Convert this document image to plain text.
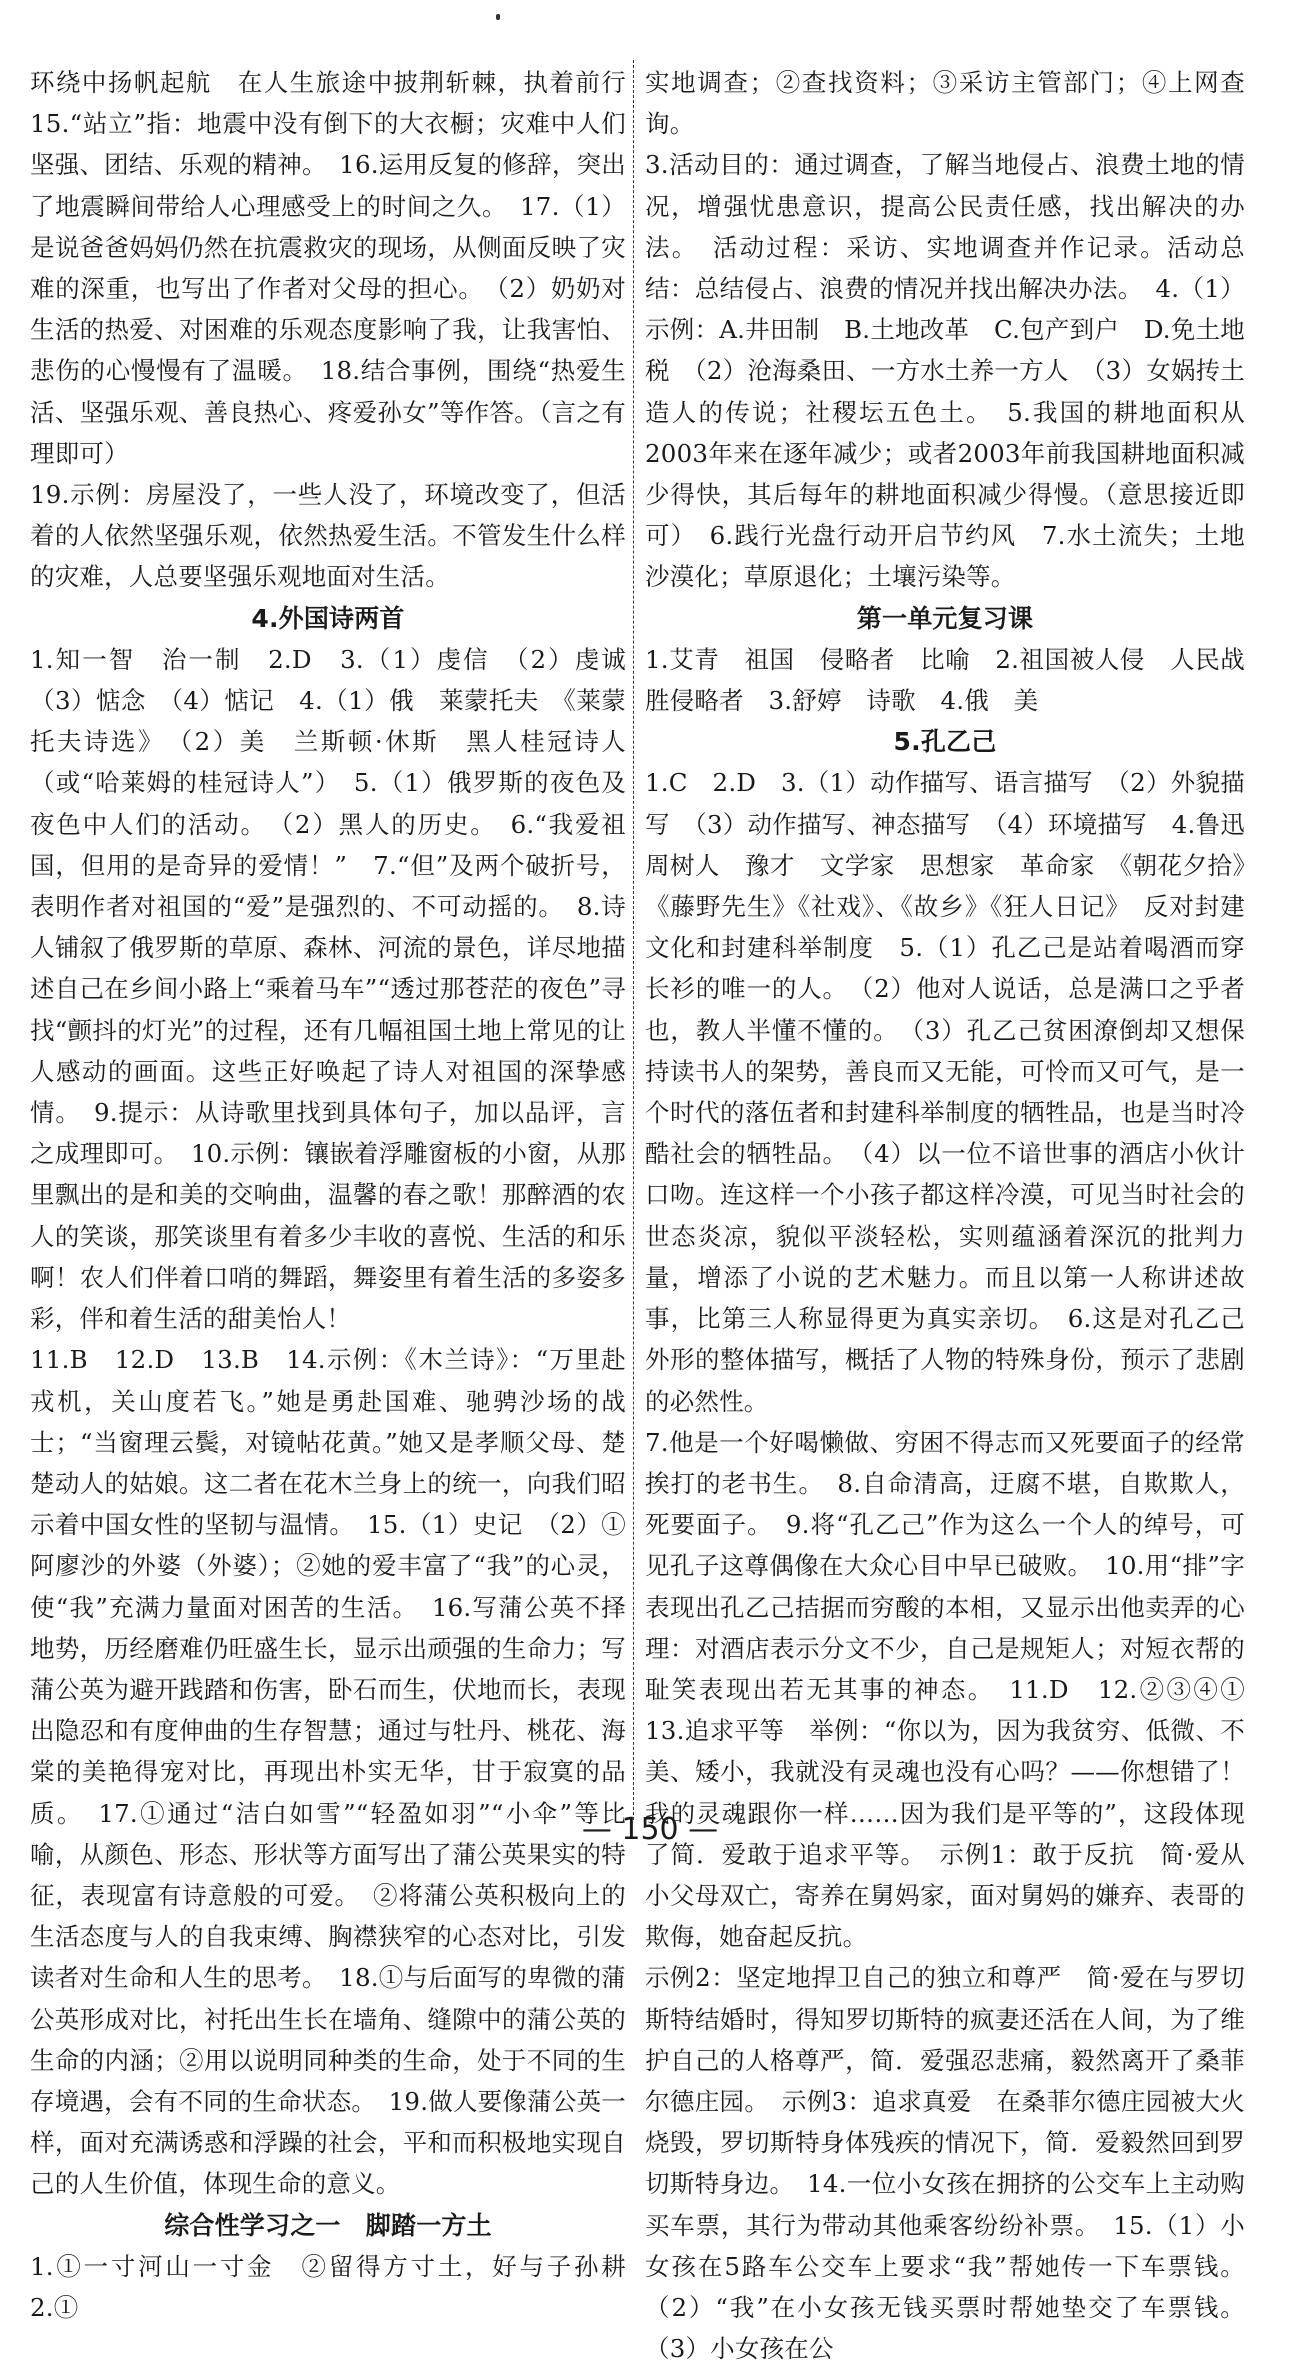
环绕中扬帆起航　在人生旅途中披荆斩棘，执着前行　15.“站立”指：地震中没有倒下的大衣橱；灾难中人们坚强、团结、乐观的精神。　16.运用反复的修辞，突出了地震瞬间带给人心理感受上的时间之久。　17.（1）是说爸爸妈妈仍然在抗震救灾的现场，从侧面反映了灾难的深重，也写出了作者对父母的担心。　（2）奶奶对生活的热爱、对困难的乐观态度影响了我，让我害怕、悲伤的心慢慢有了温暖。　18.结合事例，围绕“热爱生活、坚强乐观、善良热心、疼爱孙女”等作答。（言之有理即可）

19.示例：房屋没了，一些人没了，环境改变了，但活着的人依然坚强乐观，依然热爱生活。不管发生什么样的灾难，人总要坚强乐观地面对生活。

4.外国诗两首

1.知一智　治一制　2.D　3.（1）虔信　（2）虔诚　（3）惦念　（4）惦记　4.（1）俄　莱蒙托夫　《莱蒙托夫诗选》　（2）美　兰斯顿·休斯　黑人桂冠诗人（或“哈莱姆的桂冠诗人”）　5.（1）俄罗斯的夜色及夜色中人们的活动。　（2）黑人的历史。　6.“我爱祖国，但用的是奇异的爱情！”　7.“但”及两个破折号，表明作者对祖国的“爱”是强烈的、不可动摇的。　8.诗人铺叙了俄罗斯的草原、森林、河流的景色，详尽地描述自己在乡间小路上“乘着马车”“透过那苍茫的夜色”寻找“颤抖的灯光”的过程，还有几幅祖国土地上常见的让人感动的画面。这些正好唤起了诗人对祖国的深挚感情。　9.提示：从诗歌里找到具体句子，加以品评，言之成理即可。　10.示例：镶嵌着浮雕窗板的小窗，从那里飘出的是和美的交响曲，温馨的春之歌！那醉酒的农人的笑谈，那笑谈里有着多少丰收的喜悦、生活的和乐啊！农人们伴着口哨的舞蹈，舞姿里有着生活的多姿多彩，伴和着生活的甜美怡人！

11.B　12.D　13.B　14.示例：《木兰诗》：“万里赴戎机，关山度若飞。”她是勇赴国难、驰骋沙场的战士；“当窗理云鬓，对镜帖花黄。”她又是孝顺父母、楚楚动人的姑娘。这二者在花木兰身上的统一，向我们昭示着中国女性的坚韧与温情。　15.（1）史记　（2）①阿廖沙的外婆（外婆）；②她的爱丰富了“我”的心灵，使“我”充满力量面对困苦的生活。　16.写蒲公英不择地势，历经磨难仍旺盛生长，显示出顽强的生命力；写蒲公英为避开践踏和伤害，卧石而生，伏地而长，表现出隐忍和有度伸曲的生存智慧；通过与牡丹、桃花、海棠的美艳得宠对比，再现出朴实无华，甘于寂寞的品质。　17.①通过“洁白如雪”“轻盈如羽”“小伞”等比喻，从颜色、形态、形状等方面写出了蒲公英果实的特征，表现富有诗意般的可爱。　②将蒲公英积极向上的生活态度与人的自我束缚、胸襟狭窄的心态对比，引发读者对生命和人生的思考。　18.①与后面写的卑微的蒲公英形成对比，衬托出生长在墙角、缝隙中的蒲公英的生命的内涵；②用以说明同种类的生命，处于不同的生存境遇，会有不同的生命状态。　19.做人要像蒲公英一样，面对充满诱惑和浮躁的社会，平和而积极地实现自己的人生价值，体现生命的意义。

综合性学习之一　脚踏一方土

1.①一寸河山一寸金　②留得方寸土，好与子孙耕　2.①

实地调查；②查找资料；③采访主管部门；④上网查询。

3.活动目的：通过调查，了解当地侵占、浪费土地的情况，增强忧患意识，提高公民责任感，找出解决的办法。　活动过程：采访、实地调查并作记录。活动总结：总结侵占、浪费的情况并找出解决办法。　4.（1）示例：A.井田制　B.土地改革　C.包产到户　D.免土地税　（2）沧海桑田、一方水土养一方人　（3）女娲抟土造人的传说；社稷坛五色土。　5.我国的耕地面积从2003年来在逐年减少；或者2003年前我国耕地面积减少得快，其后每年的耕地面积减少得慢。（意思接近即可）　6.践行光盘行动开启节约风　7.水土流失；土地沙漠化；草原退化；土壤污染等。

第一单元复习课

1.艾青　祖国　侵略者　比喻　2.祖国被人侵　人民战胜侵略者　3.舒婷　诗歌　4.俄　美

5.孔乙己

1.C　2.D　3.（1）动作描写、语言描写　（2）外貌描写　（3）动作描写、神态描写　（4）环境描写　4.鲁迅　周树人　豫才　文学家　思想家　革命家　《朝花夕拾》《藤野先生》《社戏》、《故乡》《狂人日记》　反对封建文化和封建科举制度　5.（1）孔乙己是站着喝酒而穿长衫的唯一的人。　（2）他对人说话，总是满口之乎者也，教人半懂不懂的。　（3）孔乙己贫困潦倒却又想保持读书人的架势，善良而又无能，可怜而又可气，是一个时代的落伍者和封建科举制度的牺牲品，也是当时冷酷社会的牺牲品。　（4）以一位不谙世事的酒店小伙计口吻。连这样一个小孩子都这样冷漠，可见当时社会的世态炎凉，貌似平淡轻松，实则蕴涵着深沉的批判力量，增添了小说的艺术魅力。而且以第一人称讲述故事，比第三人称显得更为真实亲切。　6.这是对孔乙己外形的整体描写，概括了人物的特殊身份，预示了悲剧的必然性。

7.他是一个好喝懒做、穷困不得志而又死要面子的经常挨打的老书生。　8.自命清高，迂腐不堪，自欺欺人，死要面子。　9.将“孔乙己”作为这么一个人的绰号，可见孔子这尊偶像在大众心目中早已破败。　10.用“排”字表现出孔乙己拮据而穷酸的本相，又显示出他卖弄的心理：对酒店表示分文不少，自己是规矩人；对短衣帮的耻笑表现出若无其事的神态。　11.D　12.②③④①　13.追求平等　举例：“你以为，因为我贫穷、低微、不美、矮小，我就没有灵魂也没有心吗？——你想错了！我的灵魂跟你一样……因为我们是平等的”，这段体现了简．爱敢于追求平等。　示例1：敢于反抗　简·爱从小父母双亡，寄养在舅妈家，面对舅妈的嫌弃、表哥的欺侮，她奋起反抗。

示例2：坚定地捍卫自己的独立和尊严　简·爱在与罗切斯特结婚时，得知罗切斯特的疯妻还活在人间，为了维护自己的人格尊严，简．爱强忍悲痛，毅然离开了桑菲尔德庄园。　示例3：追求真爱　在桑菲尔德庄园被大火烧毁，罗切斯特身体残疾的情况下，简．爱毅然回到罗切斯特身边。　14.一位小女孩在拥挤的公交车上主动购买车票，其行为带动其他乘客纷纷补票。　15.（1）小女孩在5路车公交车上要求“我”帮她传一下车票钱。（2）“我”在小女孩无钱买票时帮她垫交了车票钱。（3）小女孩在公

— 150 —
